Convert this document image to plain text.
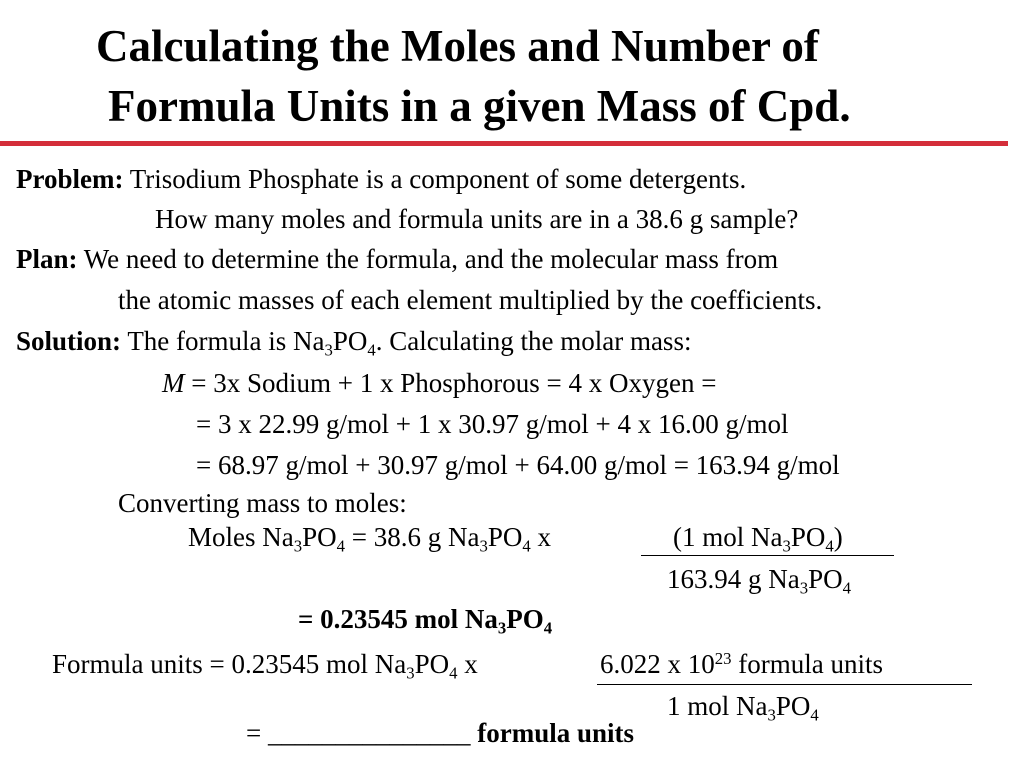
Calculating the Moles and Number of
Formula Units in a given Mass of Cpd.
Problem: Trisodium Phosphate is a component of some detergents.
How many moles and formula units are in a 38.6 g sample?
Plan: We need to determine the formula, and the molecular mass from
the atomic masses of each element multiplied by the coefficients.
Solution: The formula is $Na_3PO_4$. Calculating the molar mass:
M = 3x Sodium + 1 x Phosphorous = 4 x Oxygen =
= 3 x 22.99 g/mol + 1 x 30.97 g/mol + 4 x 16.00 g/mol
= 68.97 g/mol + 30.97 g/mol + 64.00 g/mol = 163.94 g/mol
Converting mass to moles:
Moles $Na_3PO_4 = 38.6$ g $Na_3PO_4$ x	(1 mol $Na_3PO_4$)
163.94 g $Na_3PO_4$
= 0.23545 mol $Na_3PO_4$
Formula units = 0.23545 mol $Na_3PO_4$ x	6.022 x $10^{23}$ formula units
1 mol $Na_3PO_4$
= _______________ formula units
